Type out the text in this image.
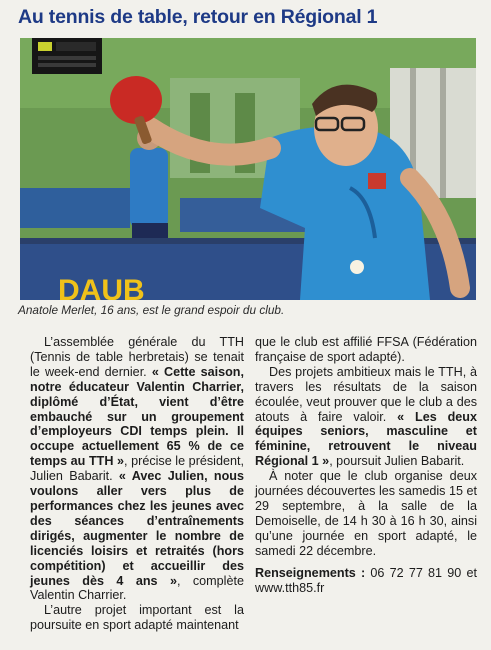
Au tennis de table, retour en Régional 1
DAUB
Anatole Merlet, 16 ans, est le grand espoir du club.

L’assemblée générale du TTH (Tennis de table herbretais) se tenait le week-end dernier. « Cette saison, notre éducateur Valentin Charrier, diplômé d’État, vient d’être embauché sur un groupement d’employeurs CDI temps plein. Il occupe actuellement 65 % de ce temps au TTH », précise le président, Julien Babarit. « Avec Julien, nous voulons aller vers plus de performances chez les jeunes avec des séances d’entraînements dirigés, augmenter le nombre de licenciés loisirs et retraités (hors compétition) et accueillir des jeunes dès 4 ans », complète Valentin Charrier.

L’autre projet important est la poursuite en sport adapté maintenant

que le club est affilié FFSA (Fédération française de sport adapté).

Des projets ambitieux mais le TTH, à travers les résultats de la saison écoulée, veut prouver que le club a des atouts à faire valoir. « Les deux équipes seniors, masculine et féminine, retrouvent le niveau Régional 1 », poursuit Julien Babarit.

À noter que le club organise deux journées découvertes les samedis 15 et 29 septembre, à la salle de la Demoiselle, de 14 h 30 à 16 h 30, ainsi qu’une journée en sport adapté, le samedi 22 décembre.

Renseignements : 06 72 77 81 90 et www.tth85.fr
